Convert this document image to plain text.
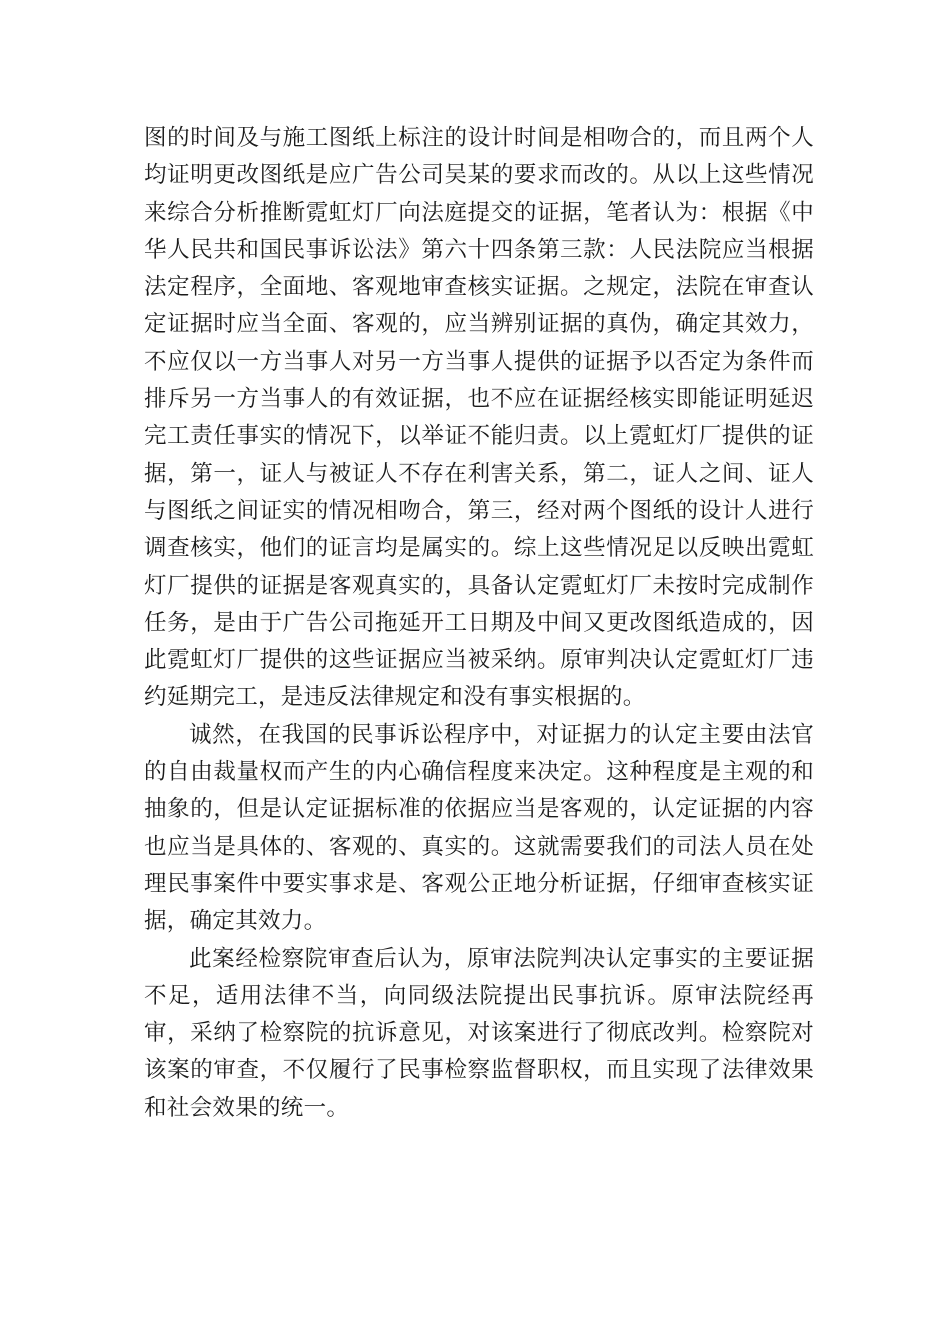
图的时间及与施工图纸上标注的设计时间是相吻合的，而且两个人均证明更改图纸是应广告公司吴某的要求而改的。从以上这些情况来综合分析推断霓虹灯厂向法庭提交的证据，笔者认为：根据《中华人民共和国民事诉讼法》第六十四条第三款：人民法院应当根据法定程序，全面地、客观地审查核实证据。之规定，法院在审查认定证据时应当全面、客观的，应当辨别证据的真伪，确定其效力，不应仅以一方当事人对另一方当事人提供的证据予以否定为条件而排斥另一方当事人的有效证据，也不应在证据经核实即能证明延迟完工责任事实的情况下，以举证不能归责。以上霓虹灯厂提供的证据，第一，证人与被证人不存在利害关系，第二，证人之间、证人与图纸之间证实的情况相吻合，第三，经对两个图纸的设计人进行调查核实，他们的证言均是属实的。综上这些情况足以反映出霓虹灯厂提供的证据是客观真实的，具备认定霓虹灯厂未按时完成制作任务，是由于广告公司拖延开工日期及中间又更改图纸造成的，因此霓虹灯厂提供的这些证据应当被采纳。原审判决认定霓虹灯厂违约延期完工，是违反法律规定和没有事实根据的。

诚然，在我国的民事诉讼程序中，对证据力的认定主要由法官的自由裁量权而产生的内心确信程度来决定。这种程度是主观的和抽象的，但是认定证据标准的依据应当是客观的，认定证据的内容也应当是具体的、客观的、真实的。这就需要我们的司法人员在处理民事案件中要实事求是、客观公正地分析证据，仔细审查核实证据，确定其效力。

此案经检察院审查后认为，原审法院判决认定事实的主要证据不足，适用法律不当，向同级法院提出民事抗诉。原审法院经再审，采纳了检察院的抗诉意见，对该案进行了彻底改判。检察院对该案的审查，不仅履行了民事检察监督职权，而且实现了法律效果和社会效果的统一。
